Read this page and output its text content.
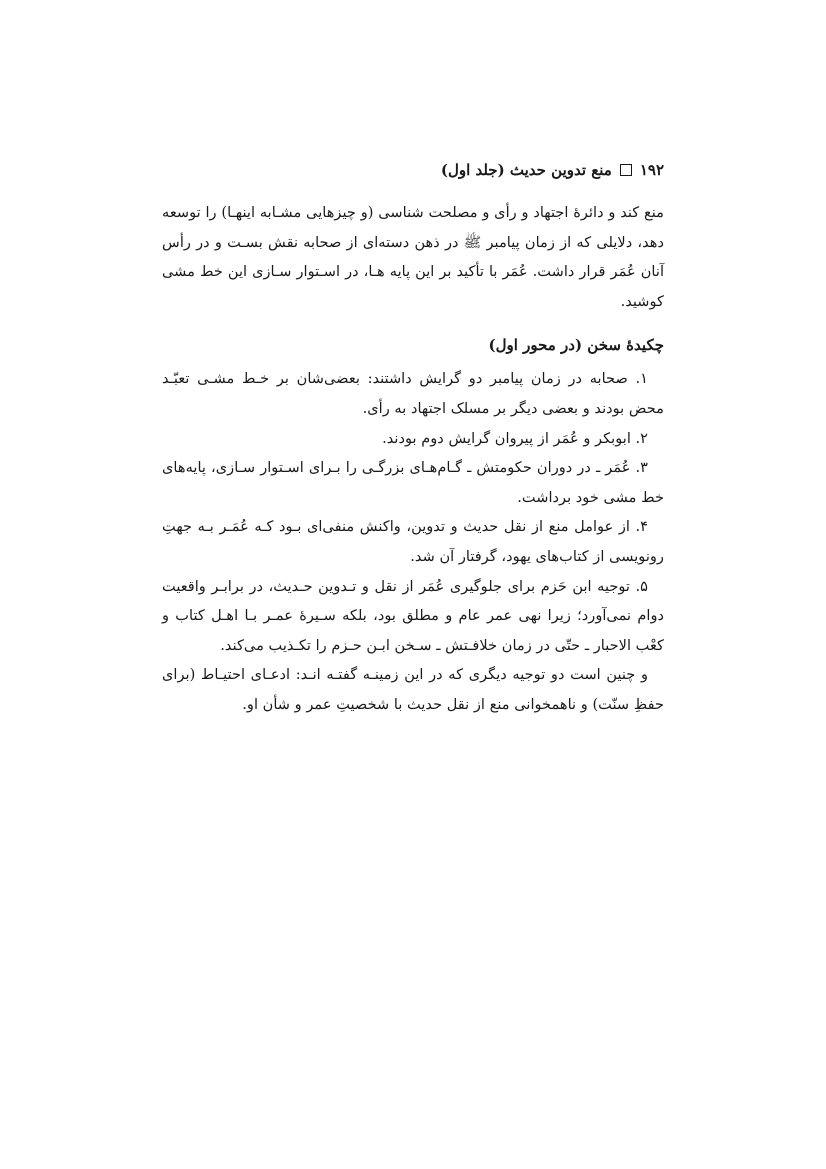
۱۹۲
منع تدوین حدیث (جلد اول)

منع کند و دائرۀ اجتهاد و رأی و مصلحت شناسی (و چیزهایی مشـابه اینهـا) را توسعه دهد، دلایلی که از زمان پیامبر ﷺ در ذهن دسته‌ای از صحابه نقش بسـت و در رأس آنان عُمَر قرار داشت. عُمَر با تأکید بر این پایه هـا، در اسـتوار سـازی این خط مشی کوشید.

چکیدۀ سخن (در محور اول)

۱. صحابه در زمان پیامبر دو گرایش داشتند: بعضی‌شان بر خـط مشـی تعبّـد محض بودند و بعضی دیگر بر مسلک اجتهاد به رأی.

۲. ابوبکر و عُمَر از پیروان گرایش دوم بودند.

۳. عُمَر ـ در دوران حکومتش ـ گـام‌هـای بزرگـی را بـرای اسـتوار سـازی، پایه‌های خط مشی خود برداشت.

۴. از عوامل منع از نقل حدیث و تدوین، واکنش منفی‌ای بـود کـه عُمَـر بـه جهتِ رونویسی از کتاب‌های یهود، گرفتار آن شد.

۵. توجیه ابن حَزم برای جلوگیری عُمَر از نقل و تـدوین حـدیث، در برابـر واقعیت دوام نمی‌آورد؛ زیرا نهی عمر عام و مطلق بود، بلکه سـیرۀ عمـر بـا اهـل کتاب و کعْب الاحبار ـ حتّی در زمان خلافـتش ـ سـخن ابـن حـزم را تکـذیب می‌کند.

و چنین است دو توجیه دیگری که در این زمینـه گفتـه انـد: ادعـای احتیـاط (برای حفظِ سنّت) و ناهمخوانی منع از نقل حدیث با شخصیتِ عمر و شأن او.
